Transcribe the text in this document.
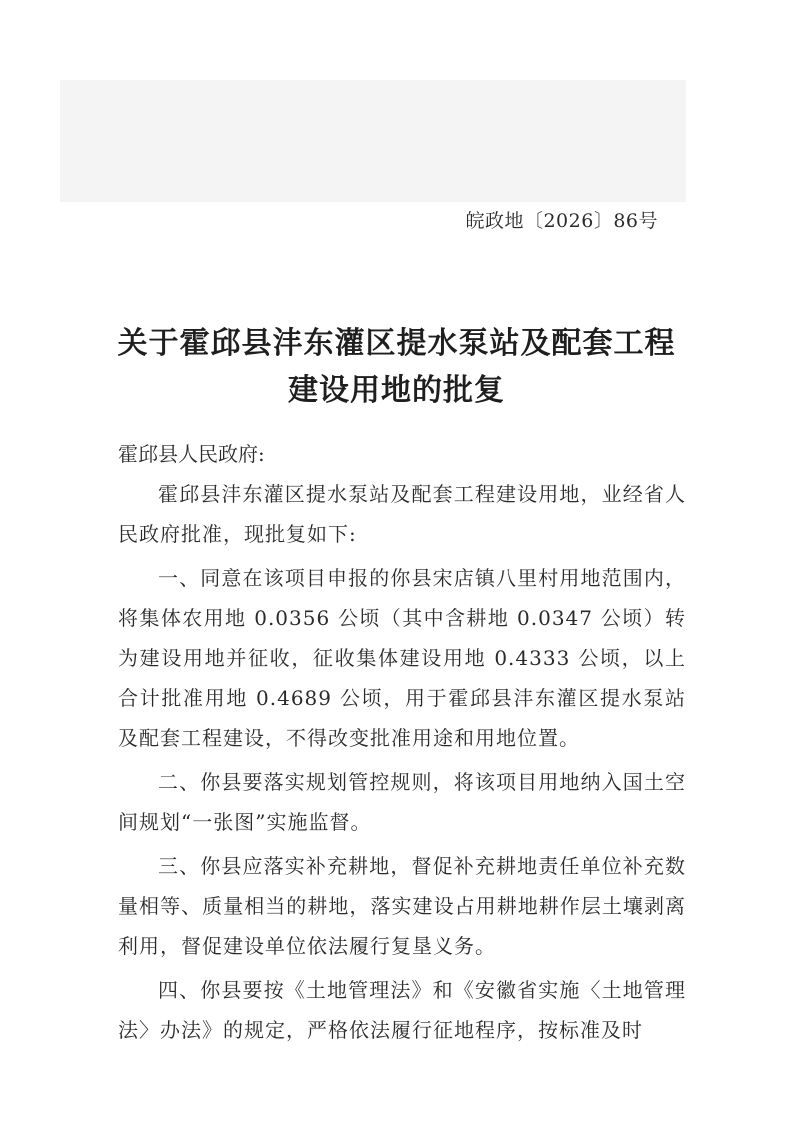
皖政地〔2026〕86号
关于霍邱县沣东灌区提水泵站及配套工程
建设用地的批复
霍邱县人民政府:

霍邱县沣东灌区提水泵站及配套工程建设用地，业经省人民政府批准，现批复如下:

一、同意在该项目申报的你县宋店镇八里村用地范围内，将集体农用地 0.0356 公顷（其中含耕地 0.0347 公顷）转为建设用地并征收，征收集体建设用地 0.4333 公顷，以上合计批准用地 0.4689 公顷，用于霍邱县沣东灌区提水泵站及配套工程建设，不得改变批准用途和用地位置。

二、你县要落实规划管控规则，将该项目用地纳入国土空间规划“一张图”实施监督。

三、你县应落实补充耕地，督促补充耕地责任单位补充数量相等、质量相当的耕地，落实建设占用耕地耕作层土壤剥离利用，督促建设单位依法履行复垦义务。

四、你县要按《土地管理法》和《安徽省实施〈土地管理法〉办法》的规定，严格依法履行征地程序，按标准及时
